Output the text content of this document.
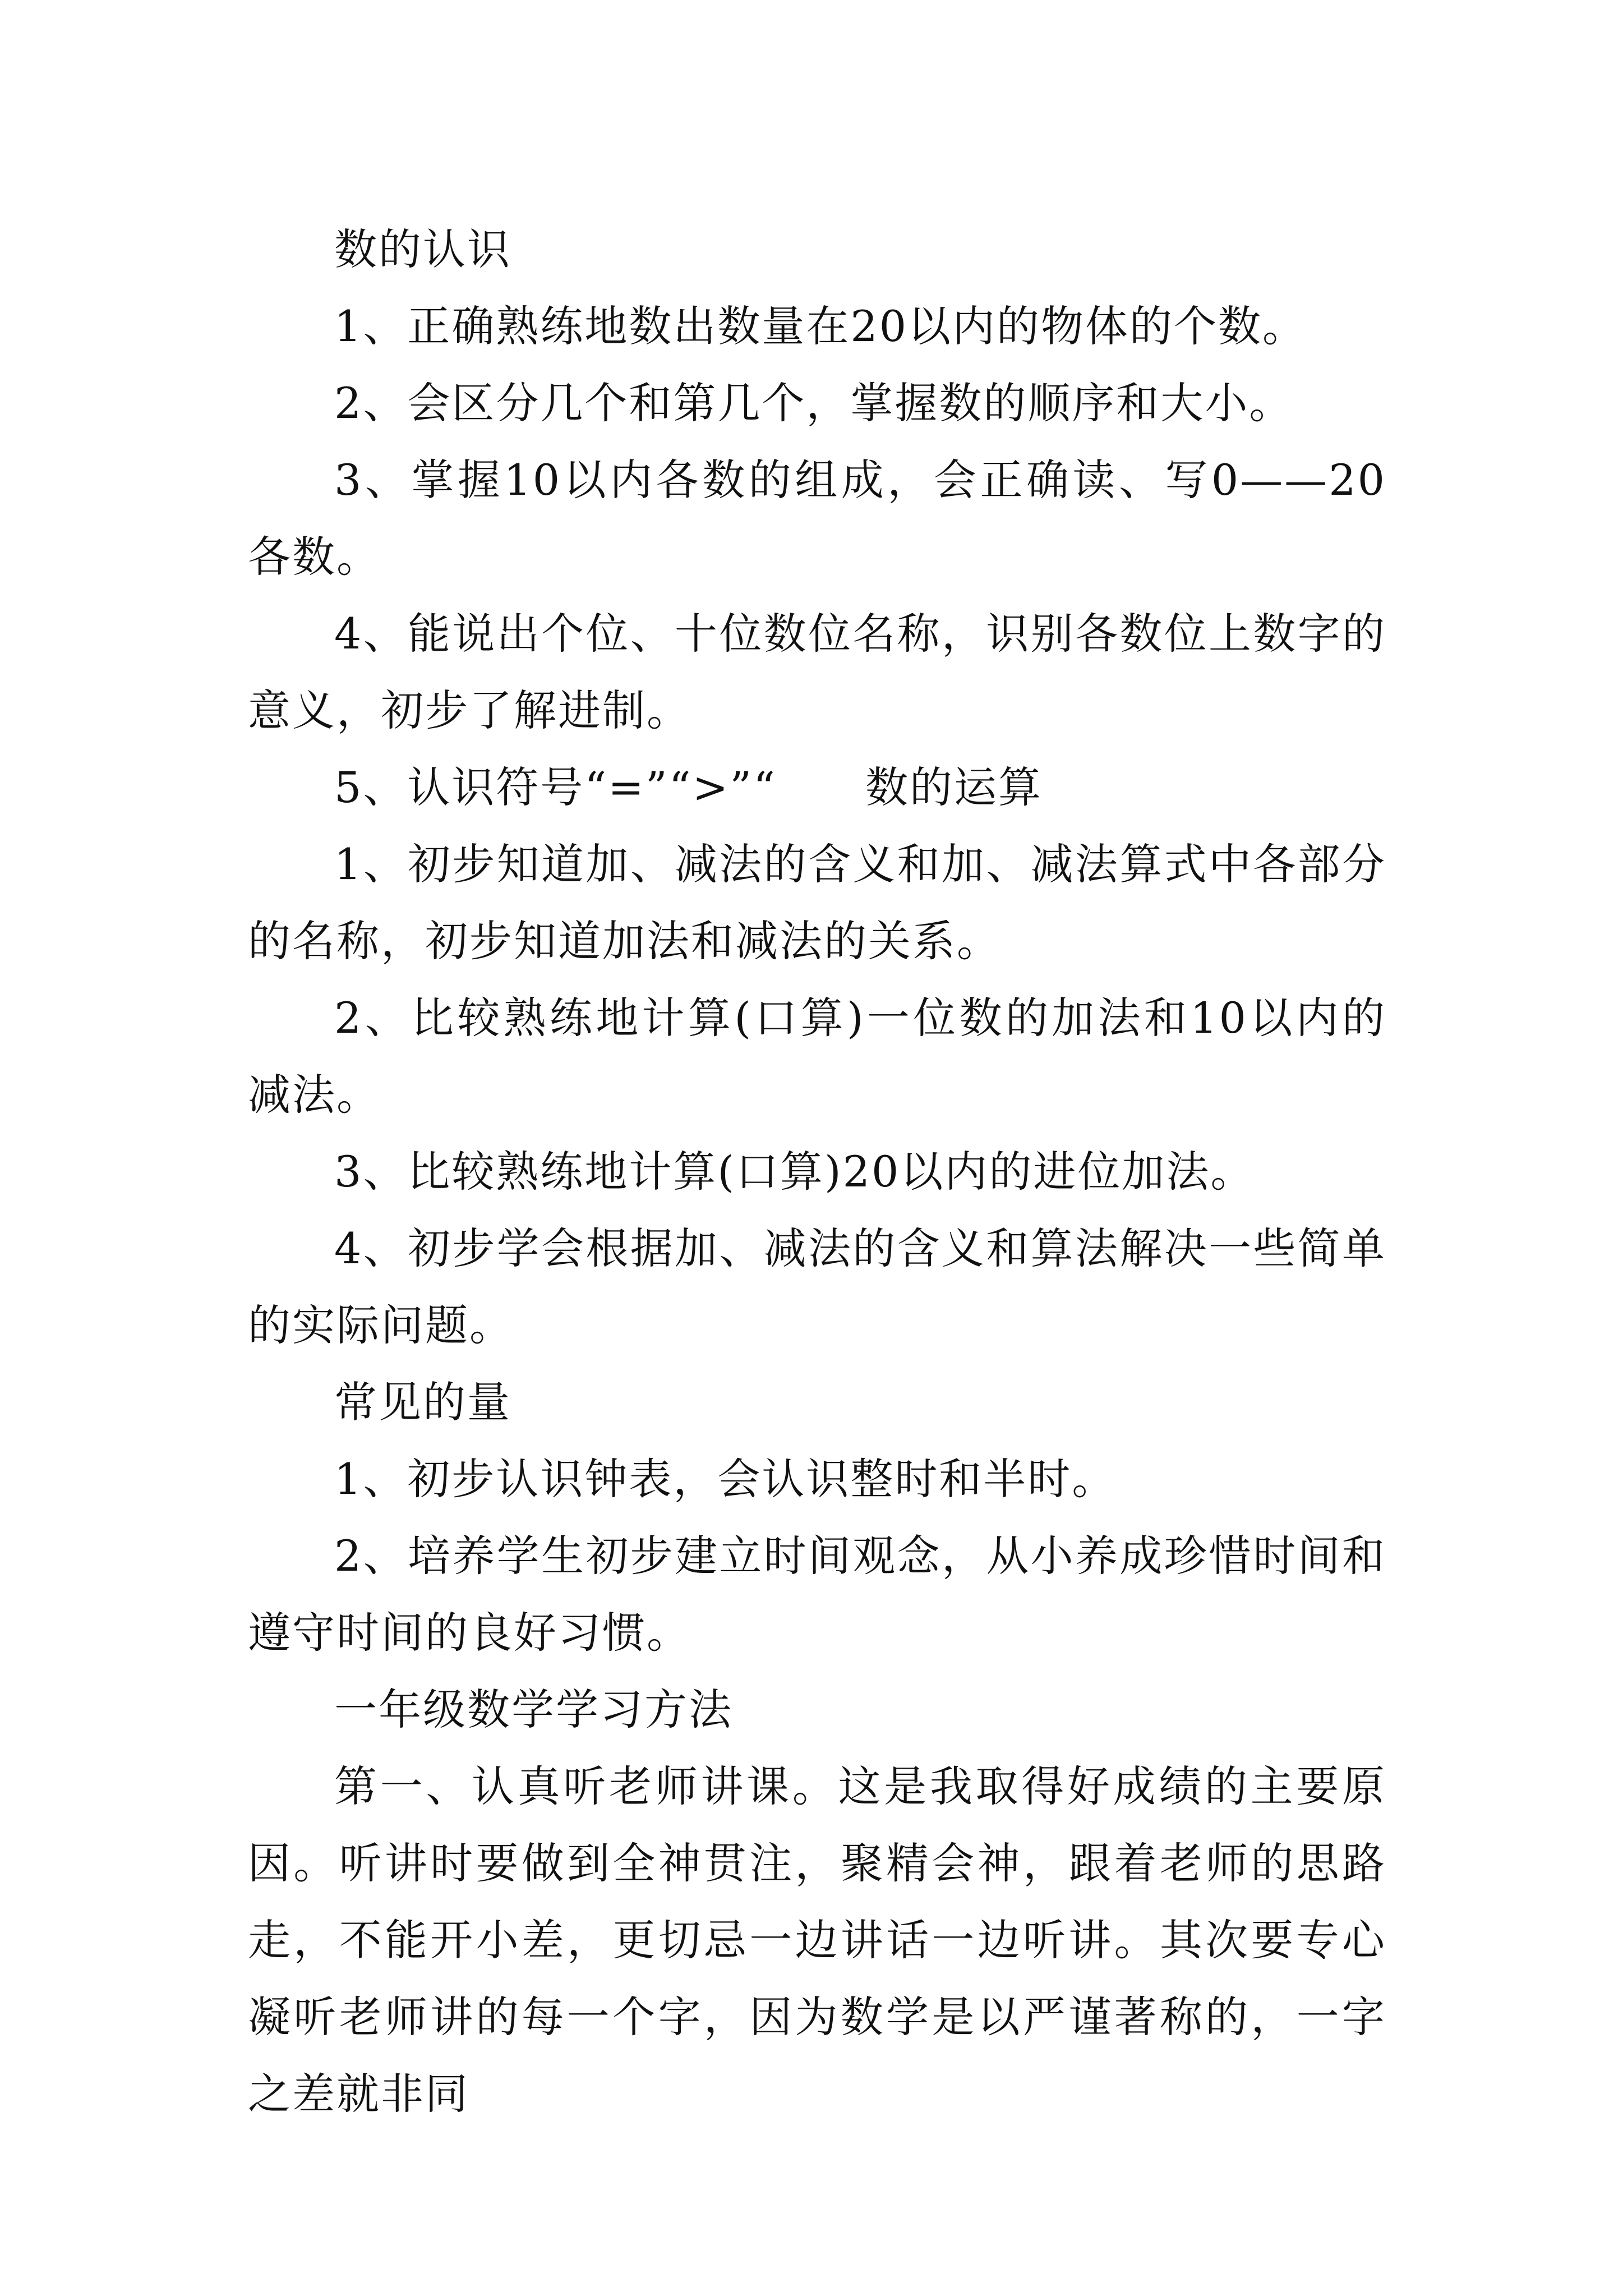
数的认识

1、正确熟练地数出数量在20以内的物体的个数。

2、会区分几个和第几个，掌握数的顺序和大小。

3、掌握10以内各数的组成，会正确读、写0——20各数。

4、能说出个位、十位数位名称，识别各数位上数字的意义，初步了解进制。

5、认识符号“=”“>”“　　数的运算

1、初步知道加、减法的含义和加、减法算式中各部分的名称，初步知道加法和减法的关系。

2、比较熟练地计算(口算)一位数的加法和10以内的减法。

3、比较熟练地计算(口算)20以内的进位加法。

4、初步学会根据加、减法的含义和算法解决一些简单的实际问题。

常见的量

1、初步认识钟表，会认识整时和半时。

2、培养学生初步建立时间观念，从小养成珍惜时间和遵守时间的良好习惯。

一年级数学学习方法

第一、认真听老师讲课。这是我取得好成绩的主要原因。听讲时要做到全神贯注，聚精会神，跟着老师的思路走，不能开小差，更切忌一边讲话一边听讲。其次要专心凝听老师讲的每一个字，因为数学是以严谨著称的，一字之差就非同
